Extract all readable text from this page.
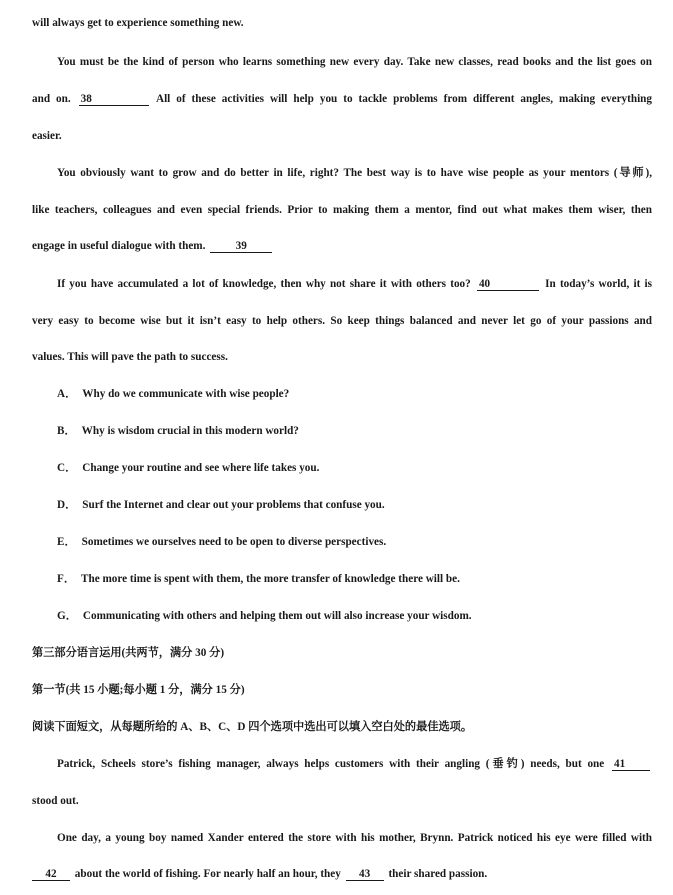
will always get to experience something new.
You must be the kind of person who learns something new every day. Take new classes, read books and the list goes on
and on. 38	All of these activities will help you to tackle problems from different angles, making everything
easier.
You obviously want to grow and do better in life, right? The best way is to have wise people as your mentors (导师),
like teachers, colleagues and even special friends. Prior to making them a mentor, find out what makes them wiser, then
engage in useful dialogue with them.	39
If you have accumulated a lot of knowledge, then why not share it with others too? 40	In today’s world, it is
very easy to become wise but it isn’t easy to help others. So keep things balanced and never let go of your passions and
values. This will pave the path to success.
A． Why do we communicate with wise people?
B． Why is wisdom crucial in this modern world?
C． Change your routine and see where life takes you.
D． Surf the Internet and clear out your problems that confuse you.
E． Sometimes we ourselves need to be open to diverse perspectives.
F． The more time is spent with them, the more transfer of knowledge there will be.
G． Communicating with others and helping them out will also increase your wisdom.
第三部分语言运用(共两节，满分 30 分)
第一节(共 15 小题;每小题 1 分，满分 15 分)
阅读下面短文，从每题所给的 A、B、C、D 四个选项中选出可以填入空白处的最佳选项。
Patrick, Scheels store’s fishing manager, always helps customers with their angling (垂钓) needs, but one 41
stood out.
One day, a young boy named Xander entered the store with his mother, Brynn. Patrick noticed his eye were filled with
42 about the world of fishing. For nearly half an hour, they 43 their shared passion.
